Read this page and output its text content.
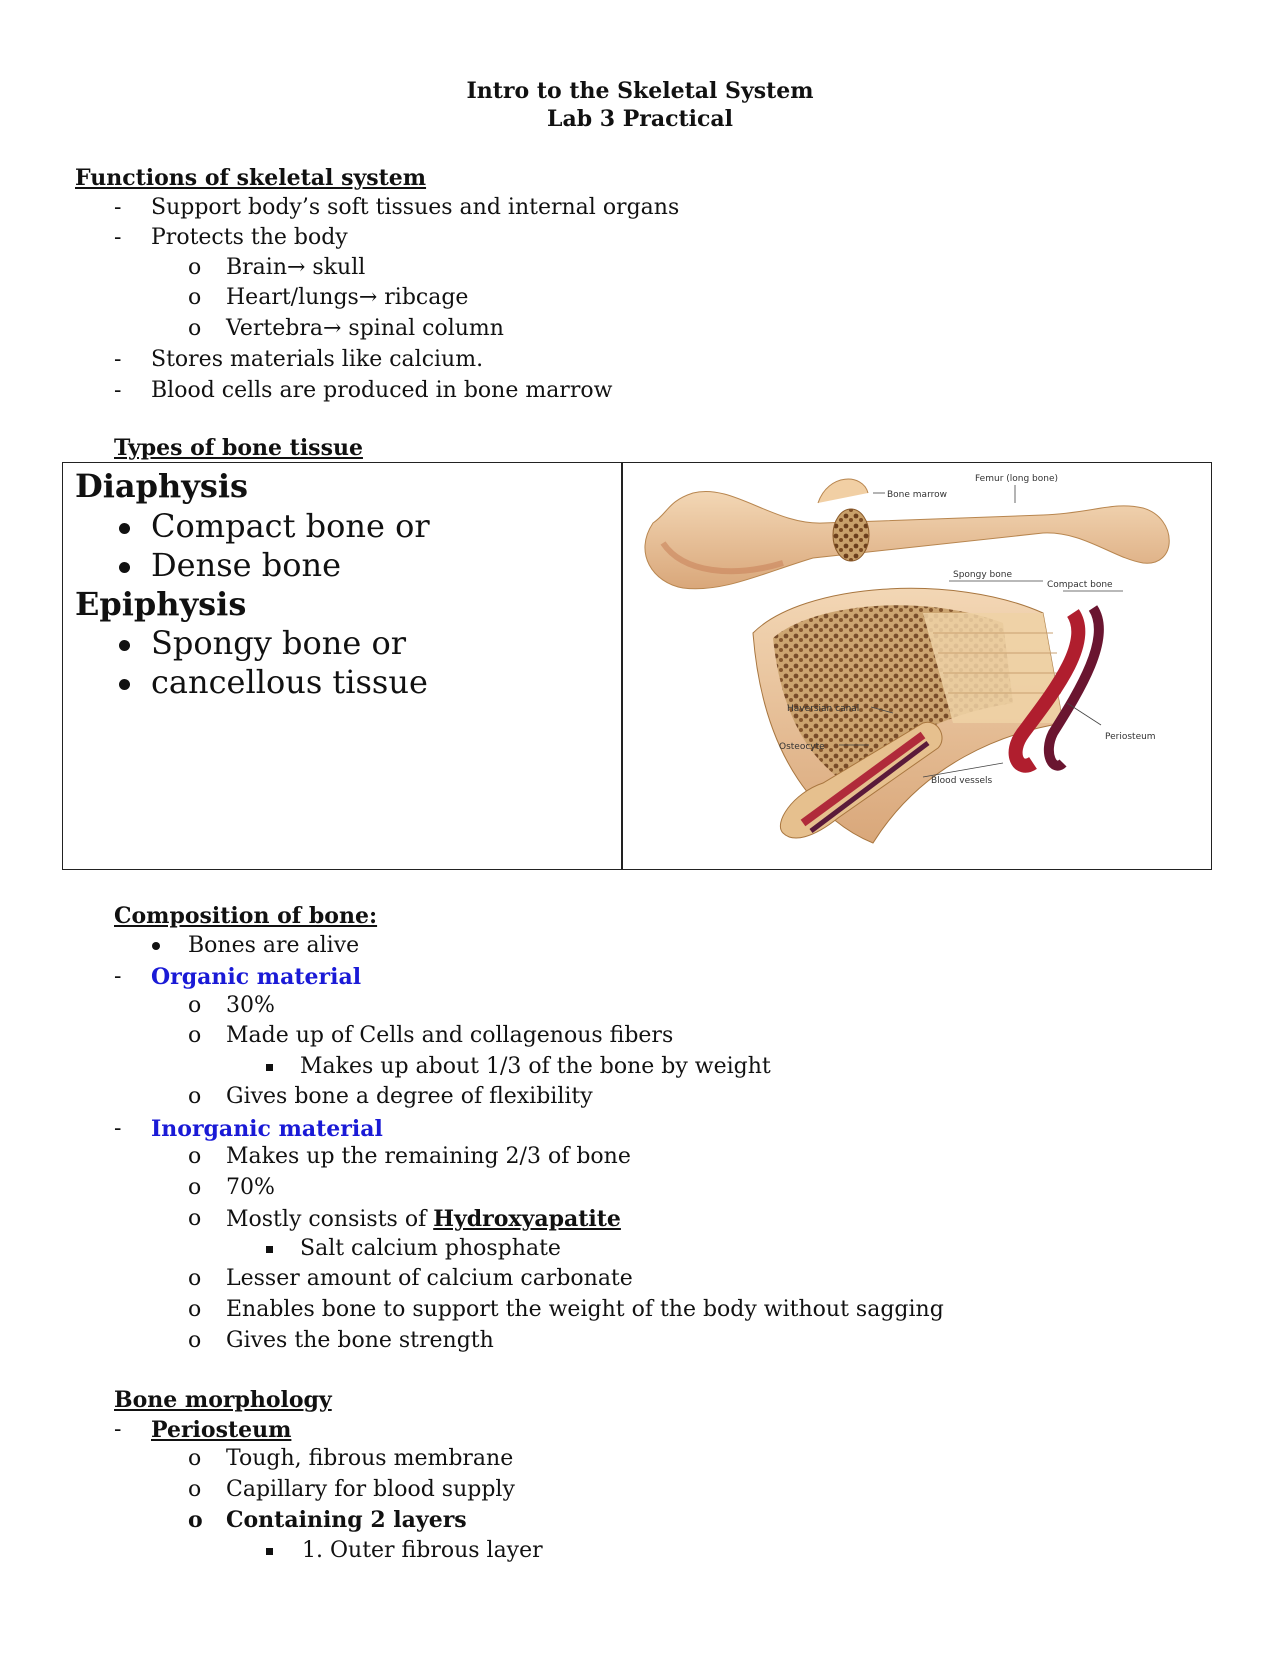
Intro to the Skeletal System
Lab 3 Practical
Functions of skeletal system
- Support body’s soft tissues and internal organs
- Protects the body
o Brain→ skull
o Heart/lungs→ ribcage
o Vertebra→ spinal column
- Stores materials like calcium.
- Blood cells are produced in bone marrow
Types of bone tissue
Diaphysis
Compact bone or
Dense bone
Epiphysis
Spongy bone or
cancellous tissue
Femur (long bone)
Bone marrow
Spongy bone
Compact bone
Haversian canal
Osteocyte
Periosteum
Blood vessels
Composition of bone:
Bones are alive
- Organic material
o 30%
o Made up of Cells and collagenous fibers
Makes up about 1/3 of the bone by weight
o Gives bone a degree of flexibility
- Inorganic material
o Makes up the remaining 2/3 of bone
o 70%
o Mostly consists of Hydroxyapatite
Salt calcium phosphate
o Lesser amount of calcium carbonate
o Enables bone to support the weight of the body without sagging
o Gives the bone strength
Bone morphology
- Periosteum
o Tough, fibrous membrane
o Capillary for blood supply
o Containing 2 layers
1. Outer fibrous layer
